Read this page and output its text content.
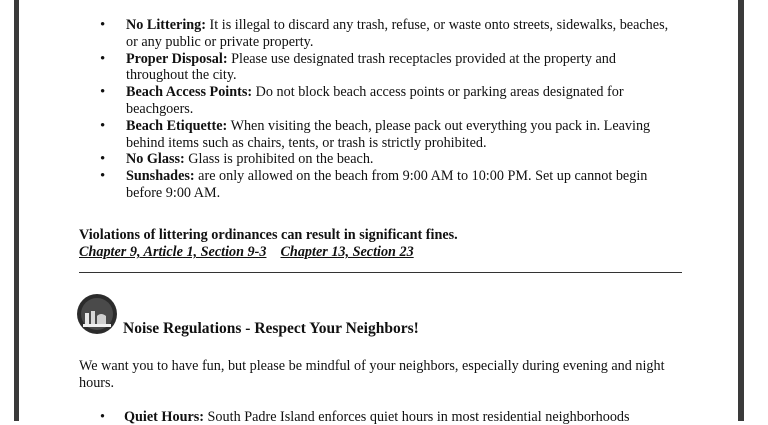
• No Littering: It is illegal to discard any trash, refuse, or waste onto streets, sidewalks, beaches, or any public or private property.
• Proper Disposal: Please use designated trash receptacles provided at the property and throughout the city.
• Beach Access Points: Do not block beach access points or parking areas designated for beachgoers.
• Beach Etiquette: When visiting the beach, please pack out everything you pack in. Leaving behind items such as chairs, tents, or trash is strictly prohibited.
• No Glass: Glass is prohibited on the beach.
• Sunshades: are only allowed on the beach from 9:00 AM to 10:00 PM. Set up cannot begin before 9:00 AM.
Violations of littering ordinances can result in significant fines.
Chapter 9, Article 1, Section 9-3 Chapter 13, Section 23
Noise Regulations - Respect Your Neighbors!
We want you to have fun, but please be mindful of your neighbors, especially during evening and night hours.
• Quiet Hours: South Padre Island enforces quiet hours in most residential neighborhoods
